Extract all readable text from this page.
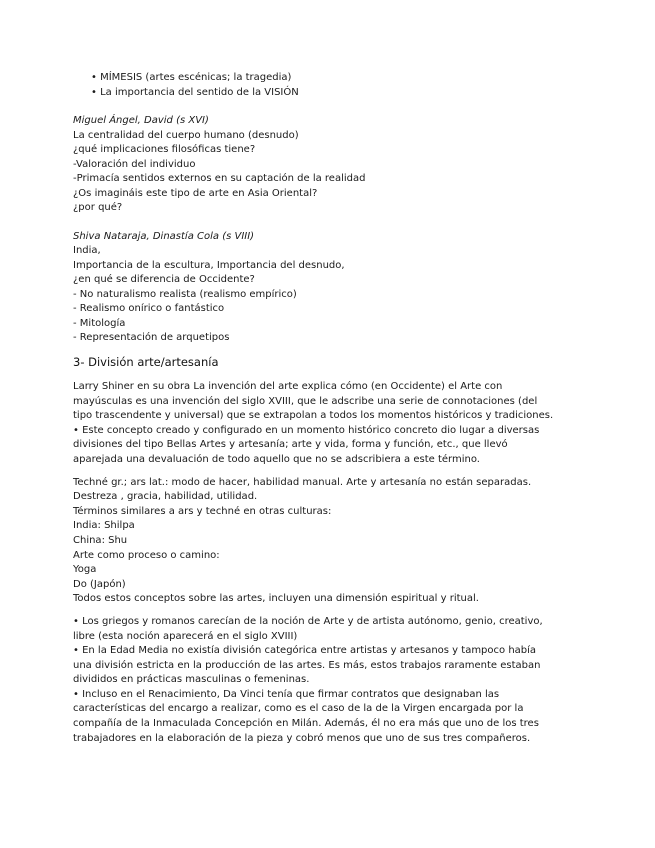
• MÍMESIS (artes escénicas; la tragedia)
• La importancia del sentido de la VISIÓN
Miguel Ángel, David (s XVI)
La centralidad del cuerpo humano (desnudo)
¿qué implicaciones filosóficas tiene?
-Valoración del individuo
-Primacía sentidos externos en su captación de la realidad
¿Os imagináis este tipo de arte en Asia Oriental?
¿por qué?
Shiva Nataraja, Dinastía Cola (s VIII)
India,
Importancia de la escultura, Importancia del desnudo,
¿en qué se diferencia de Occidente?
- No naturalismo realista (realismo empírico)
- Realismo onírico o fantástico
- Mitología
- Representación de arquetipos
3- División arte/artesanía
Larry Shiner en su obra La invención del arte explica cómo (en Occidente) el Arte con
mayúsculas es una invención del siglo XVIII, que le adscribe una serie de connotaciones (del
tipo trascendente y universal) que se extrapolan a todos los momentos históricos y tradiciones.
• Este concepto creado y configurado en un momento histórico concreto dio lugar a diversas
divisiones del tipo Bellas Artes y artesanía; arte y vida, forma y función, etc., que llevó
aparejada una devaluación de todo aquello que no se adscribiera a este término.
Techné gr.; ars lat.: modo de hacer, habilidad manual. Arte y artesanía no están separadas.
Destreza , gracia, habilidad, utilidad.
Términos similares a ars y techné en otras culturas:
India: Shilpa
China: Shu
Arte como proceso o camino:
Yoga
Do (Japón)
Todos estos conceptos sobre las artes, incluyen una dimensión espiritual y ritual.
• Los griegos y romanos carecían de la noción de Arte y de artista autónomo, genio, creativo,
libre (esta noción aparecerá en el siglo XVIII)
• En la Edad Media no existía división categórica entre artistas y artesanos y tampoco había
una división estricta en la producción de las artes. Es más, estos trabajos raramente estaban
divididos en prácticas masculinas o femeninas.
• Incluso en el Renacimiento, Da Vinci tenía que firmar contratos que designaban las
características del encargo a realizar, como es el caso de la de la Virgen encargada por la
compañía de la Inmaculada Concepción en Milán. Además, él no era más que uno de los tres
trabajadores en la elaboración de la pieza y cobró menos que uno de sus tres compañeros.
